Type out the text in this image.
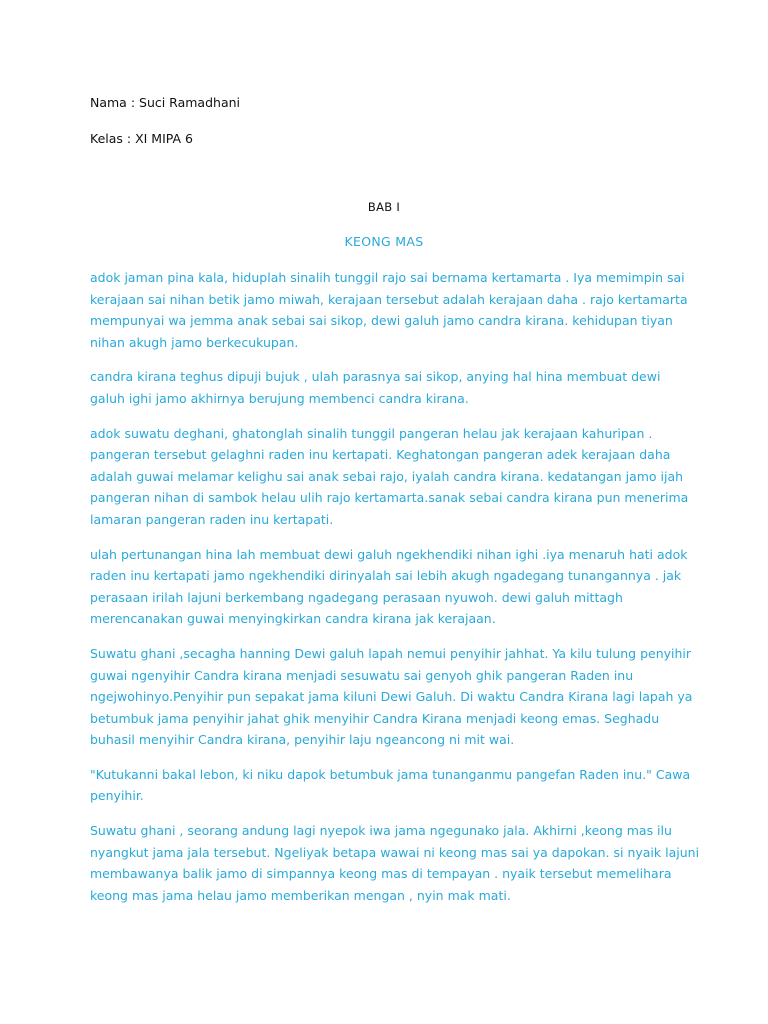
Nama : Suci Ramadhani
Kelas : XI MIPA 6
BAB I
KEONG MAS

adok jaman pina kala, hiduplah sinalih tunggil rajo sai bernama kertamarta . Iya memimpin sai
kerajaan sai nihan betik jamo miwah, kerajaan tersebut adalah kerajaan daha . rajo kertamarta
mempunyai wa jemma anak sebai sai sikop, dewi galuh jamo candra kirana. kehidupan tiyan
nihan akugh jamo berkecukupan.

candra kirana teghus dipuji bujuk , ulah parasnya sai sikop, anying hal hina membuat dewi
galuh ighi jamo akhirnya berujung membenci candra kirana.

adok suwatu deghani, ghatonglah sinalih tunggil pangeran helau jak kerajaan kahuripan .
pangeran tersebut gelaghni raden inu kertapati. Keghatongan pangeran adek kerajaan daha
adalah guwai melamar kelighu sai anak sebai rajo, iyalah candra kirana. kedatangan jamo ijah
pangeran nihan di sambok helau ulih rajo kertamarta.sanak sebai candra kirana pun menerima
lamaran pangeran raden inu kertapati.

ulah pertunangan hina lah membuat dewi galuh ngekhendiki nihan ighi .iya menaruh hati adok
raden inu kertapati jamo ngekhendiki dirinyalah sai lebih akugh ngadegang tunangannya . jak
perasaan irilah lajuni berkembang ngadegang perasaan nyuwoh. dewi galuh mittagh
merencanakan guwai menyingkirkan candra kirana jak kerajaan.

Suwatu ghani ,secagha hanning Dewi galuh lapah nemui penyihir jahhat. Ya kilu tulung penyihir
guwai ngenyihir Candra kirana menjadi sesuwatu sai genyoh ghik pangeran Raden inu
ngejwohinyo.Penyihir pun sepakat jama kiluni Dewi Galuh. Di waktu Candra Kirana lagi lapah ya
betumbuk jama penyihir jahat ghik menyihir Candra Kirana menjadi keong emas. Seghadu
buhasil menyihir Candra kirana, penyihir laju ngeancong ni mit wai.

"Kutukanni bakal lebon, ki niku dapok betumbuk jama tunanganmu pangefan Raden inu." Cawa
penyihir.

Suwatu ghani , seorang andung lagi nyepok iwa jama ngegunako jala. Akhirni ,keong mas ilu
nyangkut jama jala tersebut. Ngeliyak betapa wawai ni keong mas sai ya dapokan. si nyaik lajuni
membawanya balik jamo di simpannya keong mas di tempayan . nyaik tersebut memelihara
keong mas jama helau jamo memberikan mengan , nyin mak mati.
